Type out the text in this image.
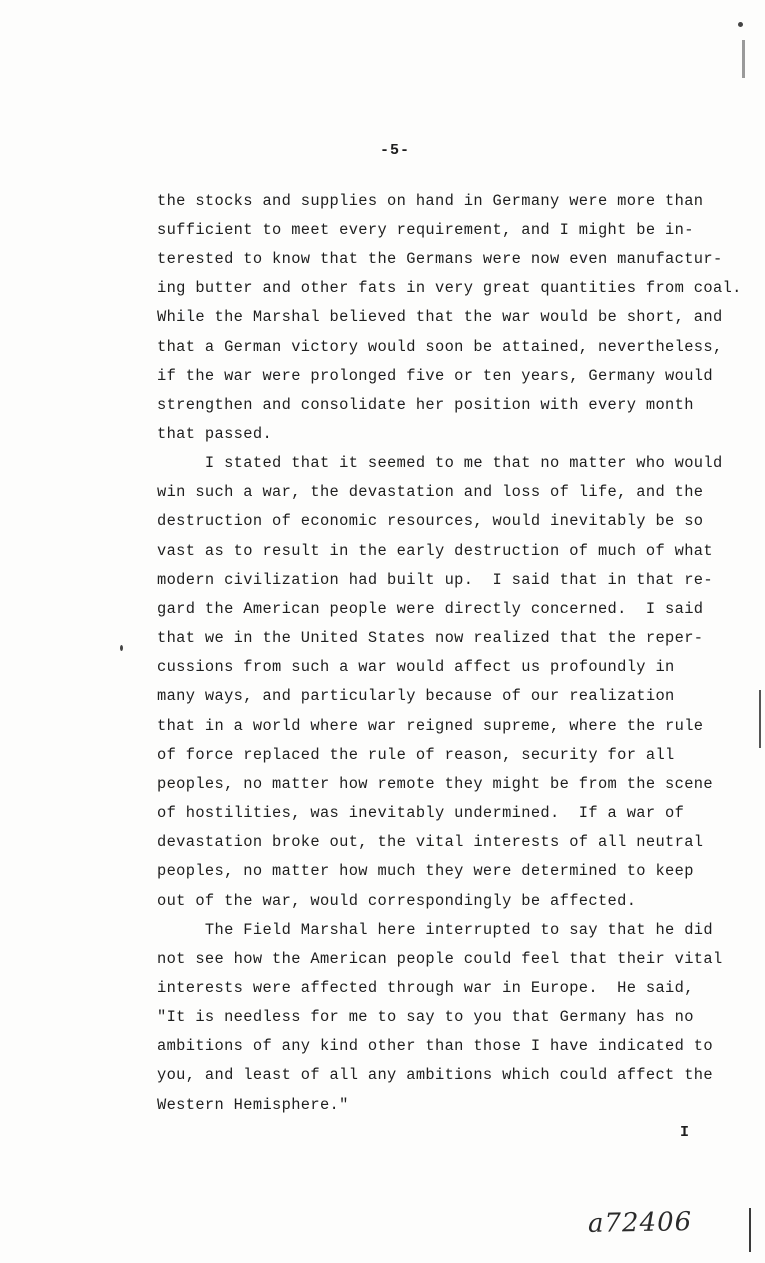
-5-
the stocks and supplies on hand in Germany were more than
sufficient to meet every requirement, and I might be in-
terested to know that the Germans were now even manufactur-
ing butter and other fats in very great quantities from coal.
While the Marshal believed that the war would be short, and
that a German victory would soon be attained, nevertheless,
if the war were prolonged five or ten years, Germany would
strengthen and consolidate her position with every month
that passed.
I stated that it seemed to me that no matter who would
win such a war, the devastation and loss of life, and the
destruction of economic resources, would inevitably be so
vast as to result in the early destruction of much of what
modern civilization had built up.  I said that in that re-
gard the American people were directly concerned.  I said
that we in the United States now realized that the reper-
cussions from such a war would affect us profoundly in
many ways, and particularly because of our realization
that in a world where war reigned supreme, where the rule
of force replaced the rule of reason, security for all
peoples, no matter how remote they might be from the scene
of hostilities, was inevitably undermined.  If a war of
devastation broke out, the vital interests of all neutral
peoples, no matter how much they were determined to keep
out of the war, would correspondingly be affected.
The Field Marshal here interrupted to say that he did
not see how the American people could feel that their vital
interests were affected through war in Europe.  He said,
"It is needless for me to say to you that Germany has no
ambitions of any kind other than those I have indicated to
you, and least of all any ambitions which could affect the
Western Hemisphere."
I
a72406
